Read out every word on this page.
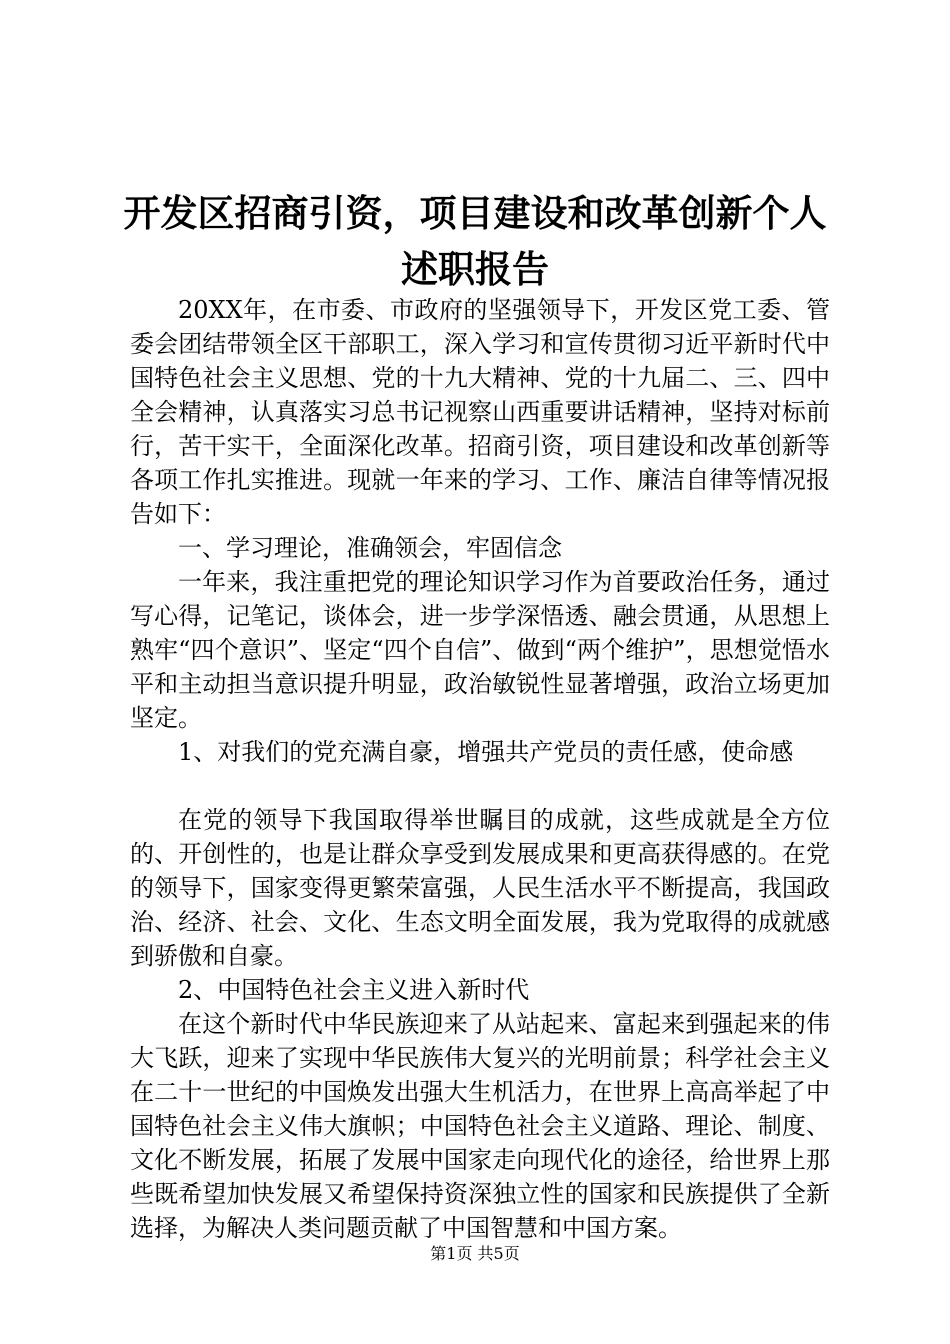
开发区招商引资，项目建设和改革创新个人述职报告

20XX年，在市委、市政府的坚强领导下，开发区党工委、管委会团结带领全区干部职工，深入学习和宣传贯彻习近平新时代中国特色社会主义思想、党的十九大精神、党的十九届二、三、四中全会精神，认真落实习总书记视察山西重要讲话精神，坚持对标前行，苦干实干，全面深化改革。招商引资，项目建设和改革创新等各项工作扎实推进。现就一年来的学习、工作、廉洁自律等情况报告如下：

一、学习理论，准确领会，牢固信念

一年来，我注重把党的理论知识学习作为首要政治任务，通过写心得，记笔记，谈体会，进一步学深悟透、融会贯通，从思想上熟牢“四个意识”、坚定“四个自信”、做到“两个维护”，思想觉悟水平和主动担当意识提升明显，政治敏锐性显著增强，政治立场更加坚定。

1、对我们的党充满自豪，增强共产党员的责任感，使命感

在党的领导下我国取得举世瞩目的成就，这些成就是全方位的、开创性的，也是让群众享受到发展成果和更高获得感的。在党的领导下，国家变得更繁荣富强，人民生活水平不断提高，我国政治、经济、社会、文化、生态文明全面发展，我为党取得的成就感到骄傲和自豪。

2、中国特色社会主义进入新时代

在这个新时代中华民族迎来了从站起来、富起来到强起来的伟大飞跃，迎来了实现中华民族伟大复兴的光明前景；科学社会主义在二十一世纪的中国焕发出强大生机活力，在世界上高高举起了中国特色社会主义伟大旗帜；中国特色社会主义道路、理论、制度、文化不断发展，拓展了发展中国家走向现代化的途径，给世界上那些既希望加快发展又希望保持资深独立性的国家和民族提供了全新选择，为解决人类问题贡献了中国智慧和中国方案。

第1页 共5页
